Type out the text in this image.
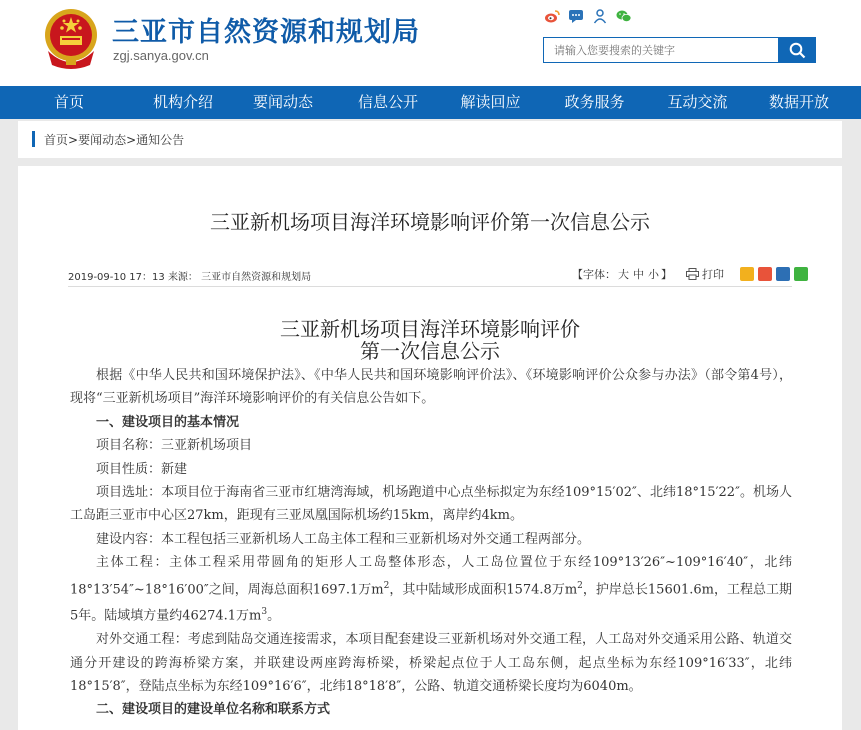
三亚市自然资源和规划局
zgj.sanya.gov.cn
请输入您要搜索的关键字
首页	机构介绍	要闻动态	信息公开	解读回应	政务服务	互动交流	数据开放
首页>要闻动态>通知公告
三亚新机场项目海洋环境影响评价第一次信息公示
2019-09-10 17：13 来源： 三亚市自然资源和规划局	【字体： 大 中 小 】	打印
三亚新机场项目海洋环境影响评价
第一次信息公示

根据《中华人民共和国环境保护法》、《中华人民共和国环境影响评价法》、《环境影响评价公众参与办法》（部令第4号），现将“三亚新机场项目”海洋环境影响评价的有关信息公告如下。

一、建设项目的基本情况

项目名称：三亚新机场项目

项目性质：新建

项目选址：本项目位于海南省三亚市红塘湾海域，机场跑道中心点坐标拟定为东经109°15′02″、北纬18°15′22″。机场人工岛距三亚市中心区27km，距现有三亚凤凰国际机场约15km，离岸约4km。

建设内容：本工程包括三亚新机场人工岛主体工程和三亚新机场对外交通工程两部分。

主体工程：主体工程采用带圆角的矩形人工岛整体形态，人工岛位置位于东经109°13′26″~109°16′40″，北纬18°13′54″~18°16′00″之间，周海总面积1697.1万$m^2$，其中陆域形成面积1574.8万$m^2$，护岸总长15601.6m，工程总工期5年。陆域填方量约46274.1万$m^3$。

对外交通工程：考虑到陆岛交通连接需求，本项目配套建设三亚新机场对外交通工程，人工岛对外交通采用公路、轨道交通分开建设的跨海桥梁方案，并联建设两座跨海桥梁，桥梁起点位于人工岛东侧，起点坐标为东经109°16′33″，北纬18°15′8″，登陆点坐标为东经109°16′6″，北纬18°18′8″，公路、轨道交通桥梁长度均为6040m。

二、建设项目的建设单位名称和联系方式
